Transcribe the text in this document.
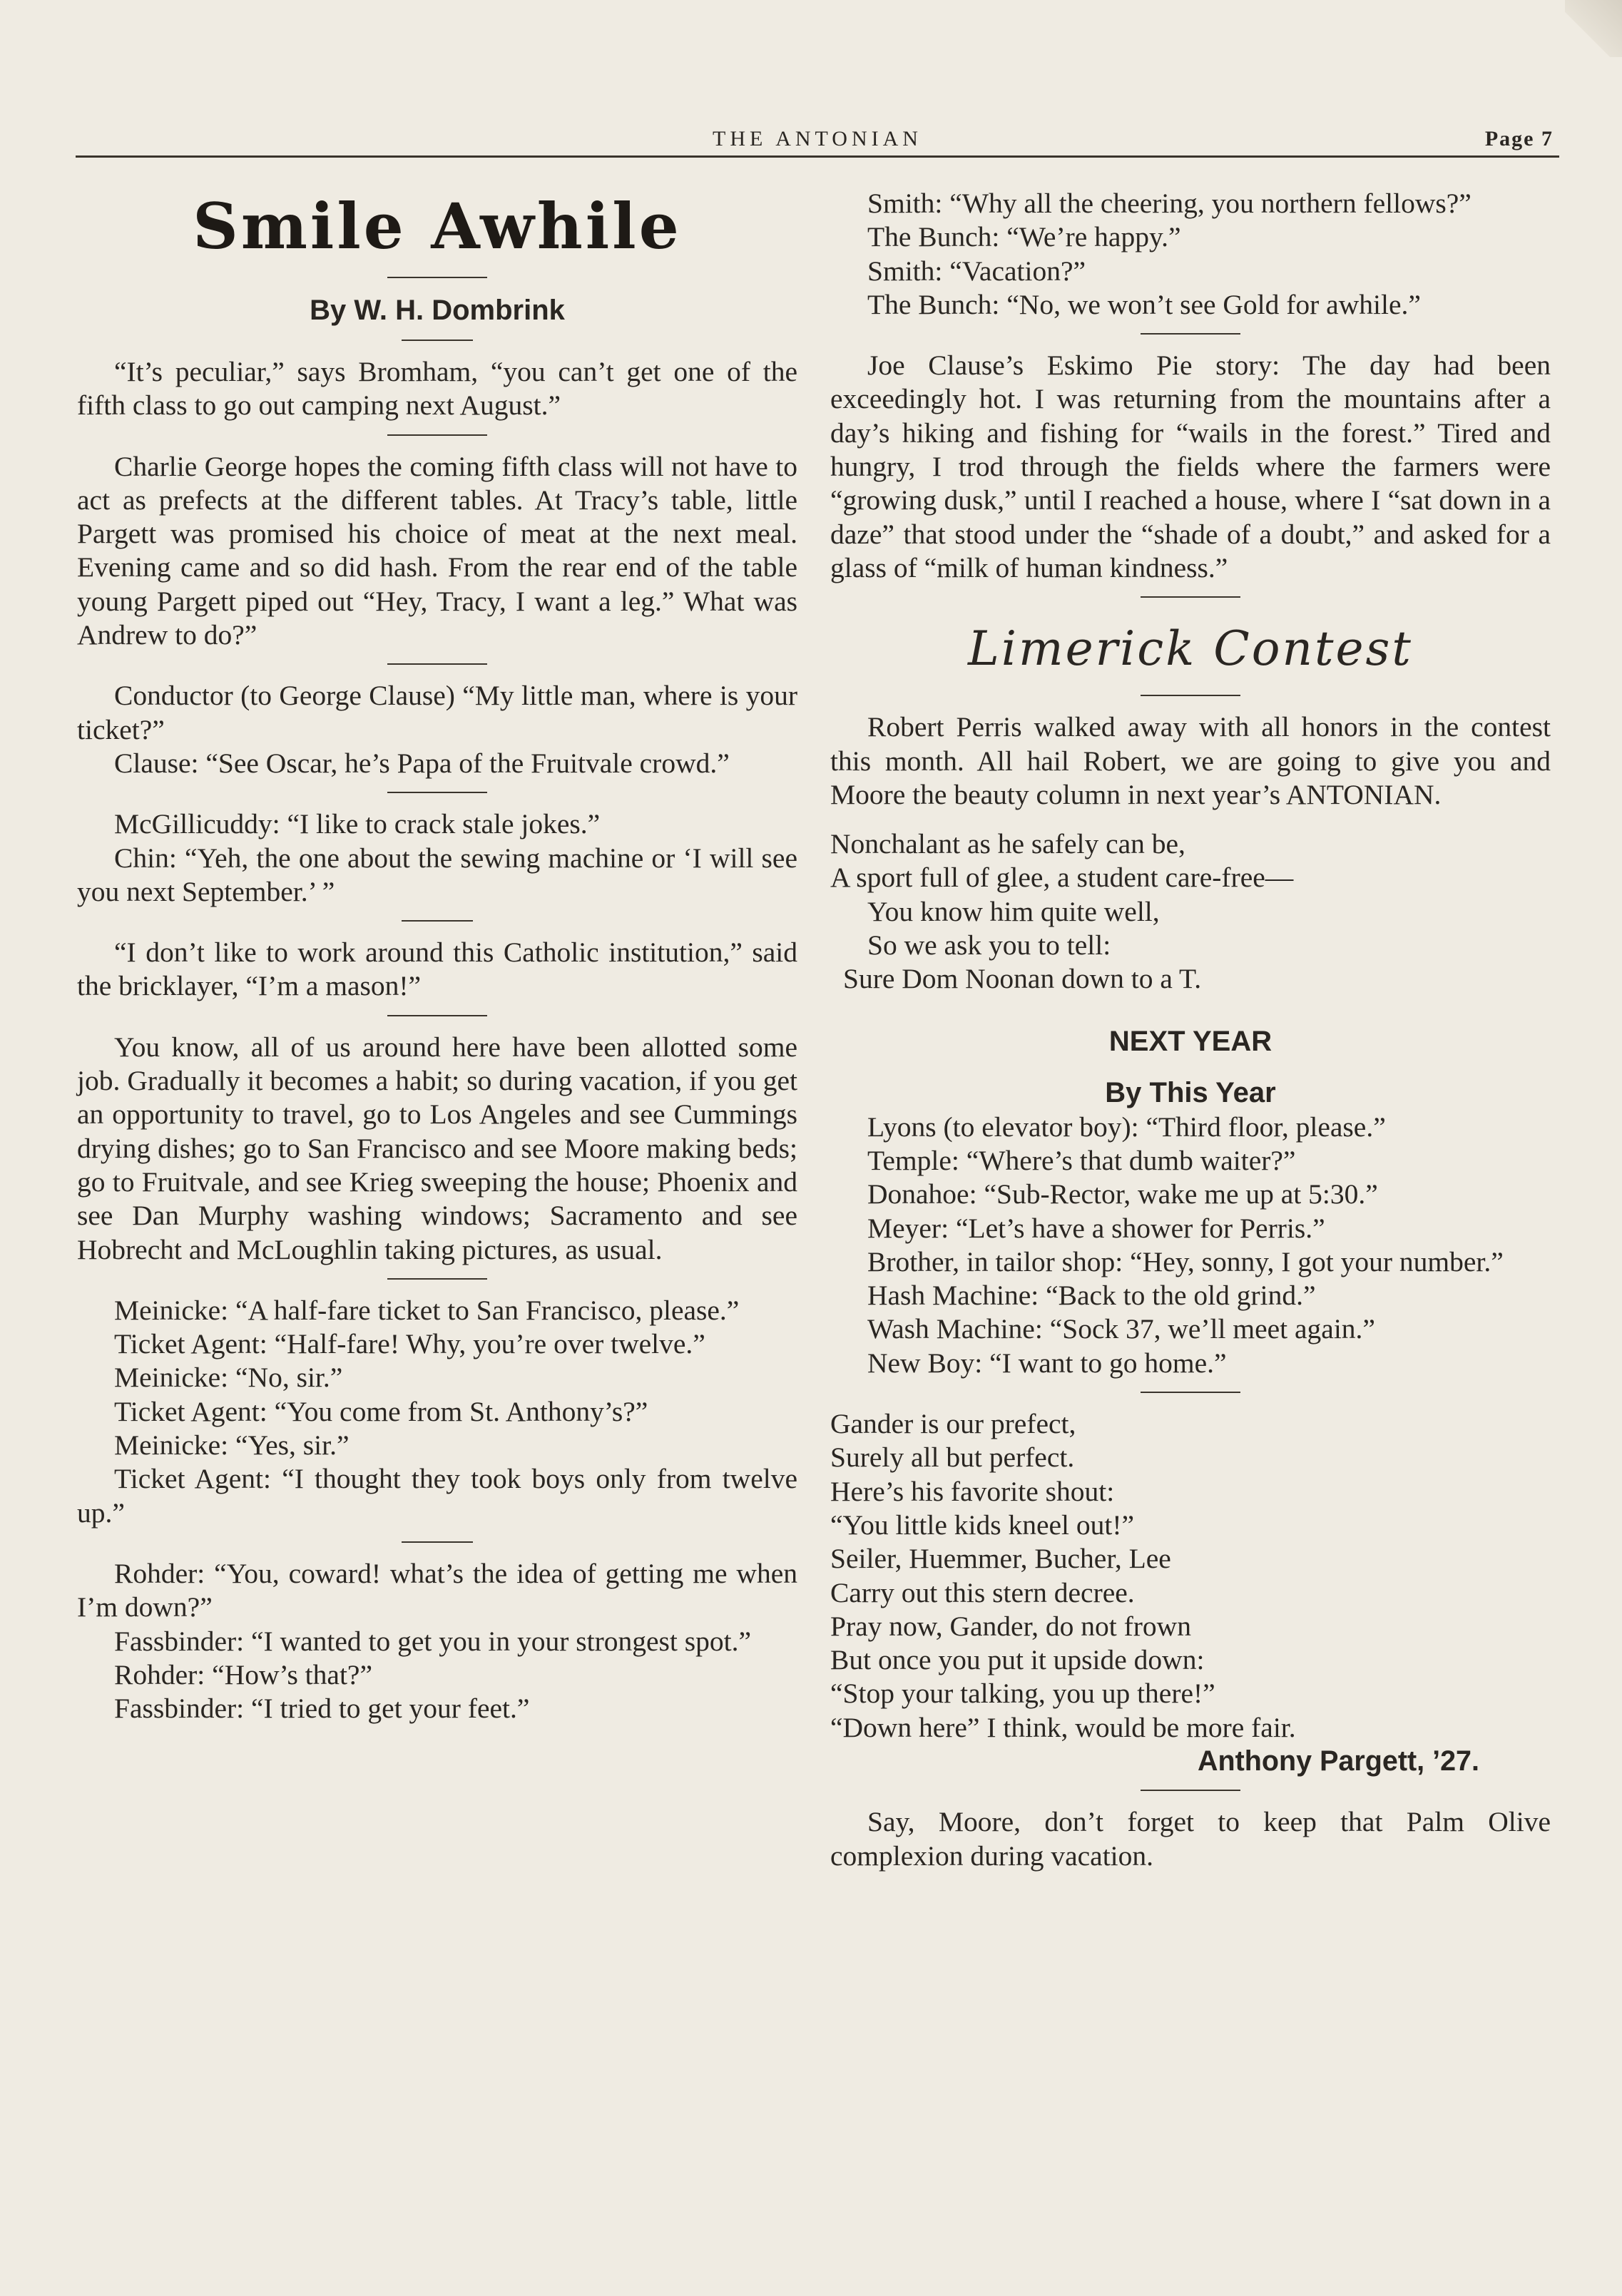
THE ANTONIAN	Page 7
Smile Awhile
By W. H. Dombrink

“It’s peculiar,” says Bromham, “you can’t get one of the fifth class to go out camping next August.”

Charlie George hopes the coming fifth class will not have to act as prefects at the different tables. At Tracy’s table, little Pargett was promised his choice of meat at the next meal. Evening came and so did hash. From the rear end of the table young Pargett piped out “Hey, Tracy, I want a leg.” What was Andrew to do?”

Conductor (to George Clause) “My little man, where is your ticket?”

Clause: “See Oscar, he’s Papa of the Fruitvale crowd.”

McGillicuddy: “I like to crack stale jokes.”

Chin: “Yeh, the one about the sewing machine or ‘I will see you next September.’ ”

“I don’t like to work around this Catholic institution,” said the bricklayer, “I’m a mason!”

You know, all of us around here have been allotted some job. Gradually it becomes a habit; so during vacation, if you get an opportunity to travel, go to Los Angeles and see Cummings drying dishes; go to San Francisco and see Moore making beds; go to Fruitvale, and see Krieg sweeping the house; Phoenix and see Dan Murphy washing windows; Sacramento and see Hobrecht and McLoughlin taking pictures, as usual.

Meinicke: “A half-fare ticket to San Francisco, please.”

Ticket Agent: “Half-fare! Why, you’re over twelve.”

Meinicke: “No, sir.”

Ticket Agent: “You come from St. Anthony’s?”

Meinicke: “Yes, sir.”

Ticket Agent: “I thought they took boys only from twelve up.”

Rohder: “You, coward! what’s the idea of getting me when I’m down?”

Fassbinder: “I wanted to get you in your strongest spot.”

Rohder: “How’s that?”

Fassbinder: “I tried to get your feet.”

Smith: “Why all the cheering, you northern fellows?”

The Bunch: “We’re happy.”

Smith: “Vacation?”

The Bunch: “No, we won’t see Gold for awhile.”

Joe Clause’s Eskimo Pie story: The day had been exceedingly hot. I was returning from the mountains after a day’s hiking and fishing for “wails in the forest.” Tired and hungry, I trod through the fields where the farmers were “growing dusk,” until I reached a house, where I “sat down in a daze” that stood under the “shade of a doubt,” and asked for a glass of “milk of human kindness.”

Limerick Contest

Robert Perris walked away with all honors in the contest this month. All hail Robert, we are going to give you and Moore the beauty column in next year’s ANTONIAN.

Nonchalant as he safely can be,
A sport full of glee, a student care-free—
You know him quite well,
So we ask you to tell:
Sure Dom Noonan down to a T.
NEXT YEAR
By This Year

Lyons (to elevator boy): “Third floor, please.”

Temple: “Where’s that dumb waiter?”

Donahoe: “Sub-Rector, wake me up at 5:30.”

Meyer: “Let’s have a shower for Perris.”

Brother, in tailor shop: “Hey, sonny, I got your number.”

Hash Machine: “Back to the old grind.”

Wash Machine: “Sock 37, we’ll meet again.”

New Boy: “I want to go home.”

Gander is our prefect,
Surely all but perfect.
Here’s his favorite shout:
“You little kids kneel out!”
Seiler, Huemmer, Bucher, Lee
Carry out this stern decree.
Pray now, Gander, do not frown
But once you put it upside down:
“Stop your talking, you up there!”
“Down here” I think, would be more fair.
Anthony Pargett, ’27.

Say, Moore, don’t forget to keep that Palm Olive complexion during vacation.
